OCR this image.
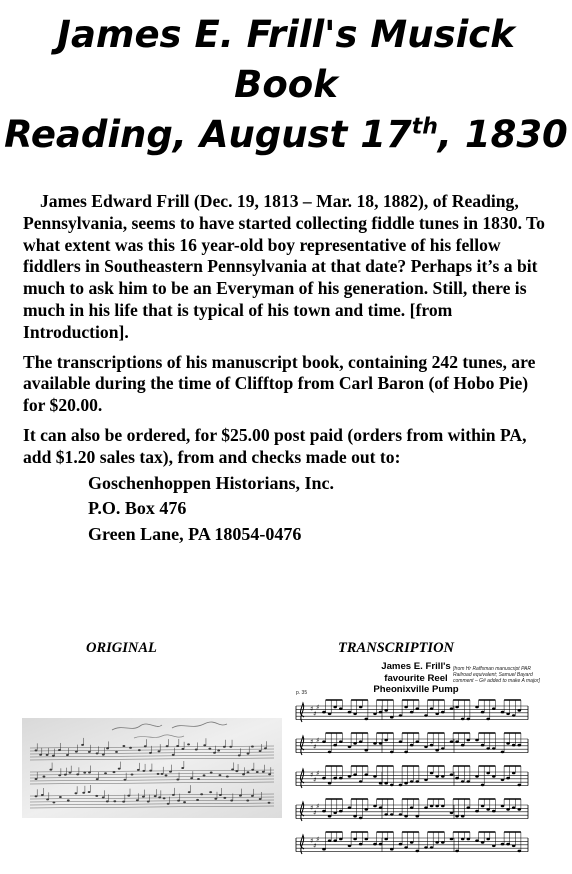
James E. Frill's Musick
Book
Reading, August 17th, 1830

James Edward Frill (Dec. 19, 1813 – Mar. 18, 1882), of Reading, Pennsylvania, seems to have started collecting fiddle tunes in 1830. To what extent was this 16 year-old boy representative of his fellow fiddlers in Southeastern Pennsylvania at that date? Perhaps it’s a bit much to ask him to be an Everyman of his generation. Still, there is much in his life that is typical of his town and time. [from Introduction].

The transcriptions of his manuscript book, containing 242 tunes, are available during the time of Clifftop from Carl Baron (of Hobo Pie) for $20.00.

It can also be ordered, for $25.00 post paid (orders from within PA, add $1.20 sales tax), from and checks made out to:

Goschenhoppen Historians, Inc.
P.O. Box 476
Green Lane, PA 18054-0476
ORIGINAL	TRANSCRIPTION
James E. Frill's
favourite Reel
Pheonixville Pump
[from Hr Raffsman manuscript PAR Railroad equivalent; Samuel Bayard comment – G# added to make A major]
p. 35
♯
♯
♯
♯
♯
♯
♯
♯
♯
♯
♯
♯
♯
♯
♯
